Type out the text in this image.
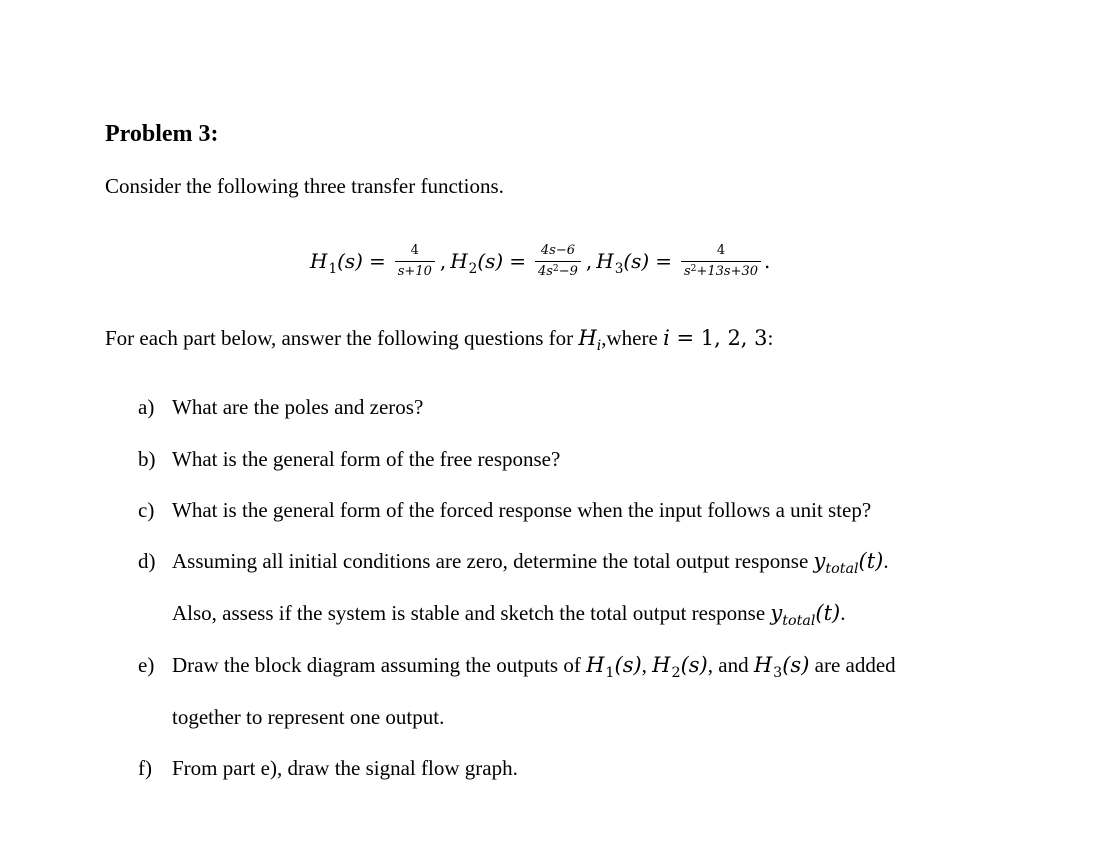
Problem 3:
Consider the following three transfer functions.
$H_1(s) = \frac{4}{s+10}$ , $H_2(s) = \frac{4s-6}{4s^2-9}$ , $H_3(s) = \frac{4}{s^2+13s+30}$ .
For each part below, answer the following questions for $H_i,where$ i = 1, 2, 3:
a) What are the poles and zeros?
b) What is the general form of the free response?
c) What is the general form of the forced response when the input follows a unit step?
d) Assuming all initial conditions are zero, determine the total output response $y_{total}(t)$.
Also, assess if the system is stable and sketch the total output response $y_{total}(t)$.
e) Draw the block diagram assuming the outputs of $H_1(s)$, $H_2(s)$, and $H_3(s)$ are added
together to represent one output.
f) From part e), draw the signal flow graph.
